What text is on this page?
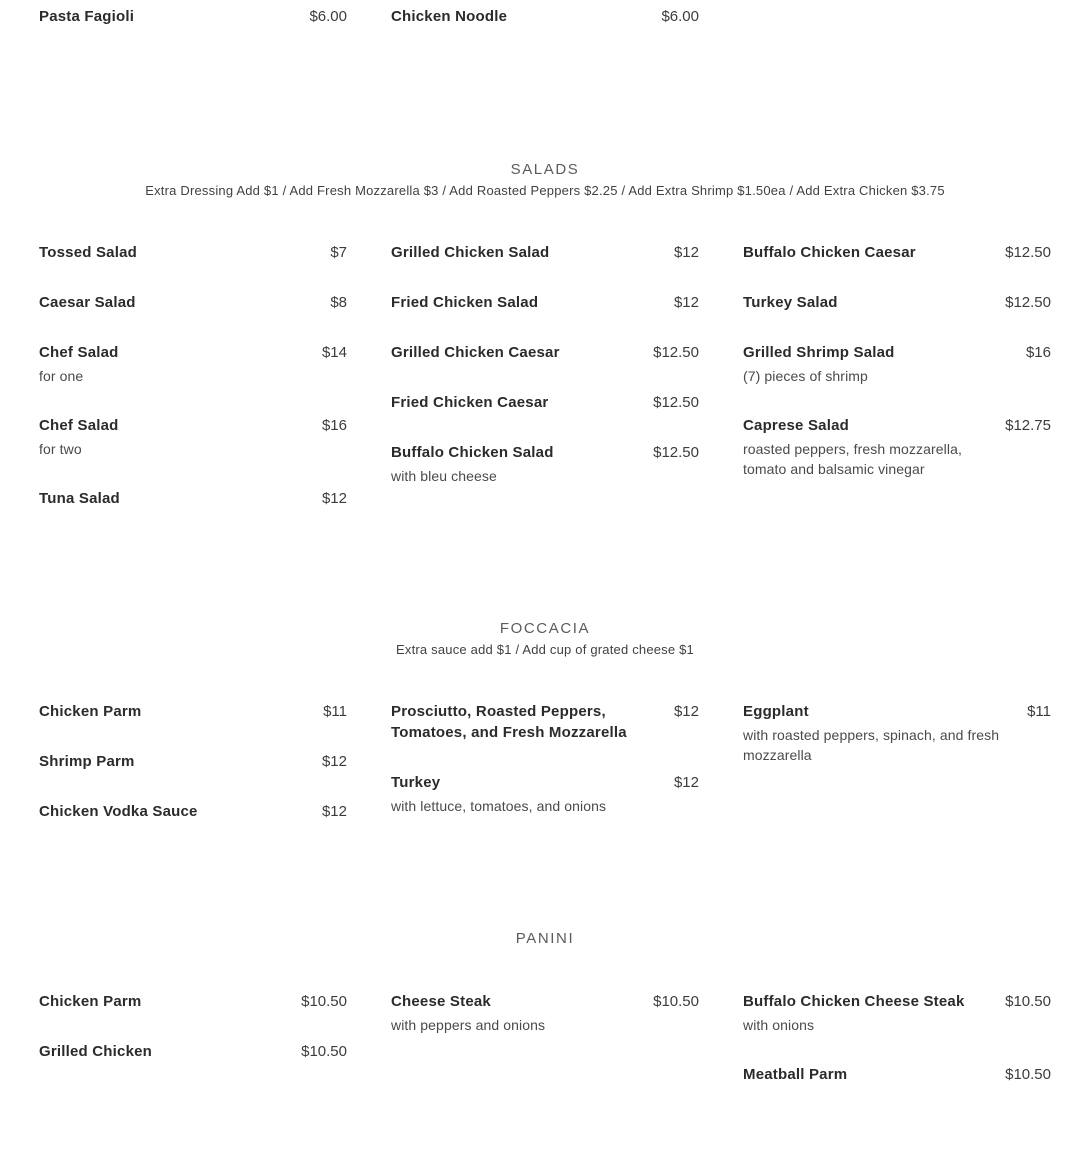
Pasta Fagioli	$6.00	Chicken Noodle	$6.00
SALADS

Extra Dressing Add $1 / Add Fresh Mozzarella $3 / Add Roasted Peppers $2.25 / Add Extra Shrimp $1.50ea / Add Extra Chicken $3.75

Tossed Salad	$7
Caesar Salad	$8
Chef Salad	$14

for one

Chef Salad	$16

for two

Tuna Salad	$12
Grilled Chicken Salad	$12
Fried Chicken Salad	$12
Grilled Chicken Caesar	$12.50
Fried Chicken Caesar	$12.50
Buffalo Chicken Salad	$12.50

with bleu cheese

Buffalo Chicken Caesar	$12.50
Turkey Salad	$12.50
Grilled Shrimp Salad	$16

(7) pieces of shrimp

Caprese Salad	$12.75

roasted peppers, fresh mozzarella, tomato and balsamic vinegar

FOCCACIA

Extra sauce add $1 / Add cup of grated cheese $1

Chicken Parm	$11
Shrimp Parm	$12
Chicken Vodka Sauce	$12
Prosciutto, Roasted Peppers, Tomatoes, and Fresh Mozzarella
$12
Turkey	$12

with lettuce, tomatoes, and onions

Eggplant	$11

with roasted peppers, spinach, and fresh mozzarella

PANINI
Chicken Parm	$10.50
Grilled Chicken	$10.50
Cheese Steak	$10.50

with peppers and onions

Buffalo Chicken Cheese Steak	$10.50

with onions

Meatball Parm	$10.50
